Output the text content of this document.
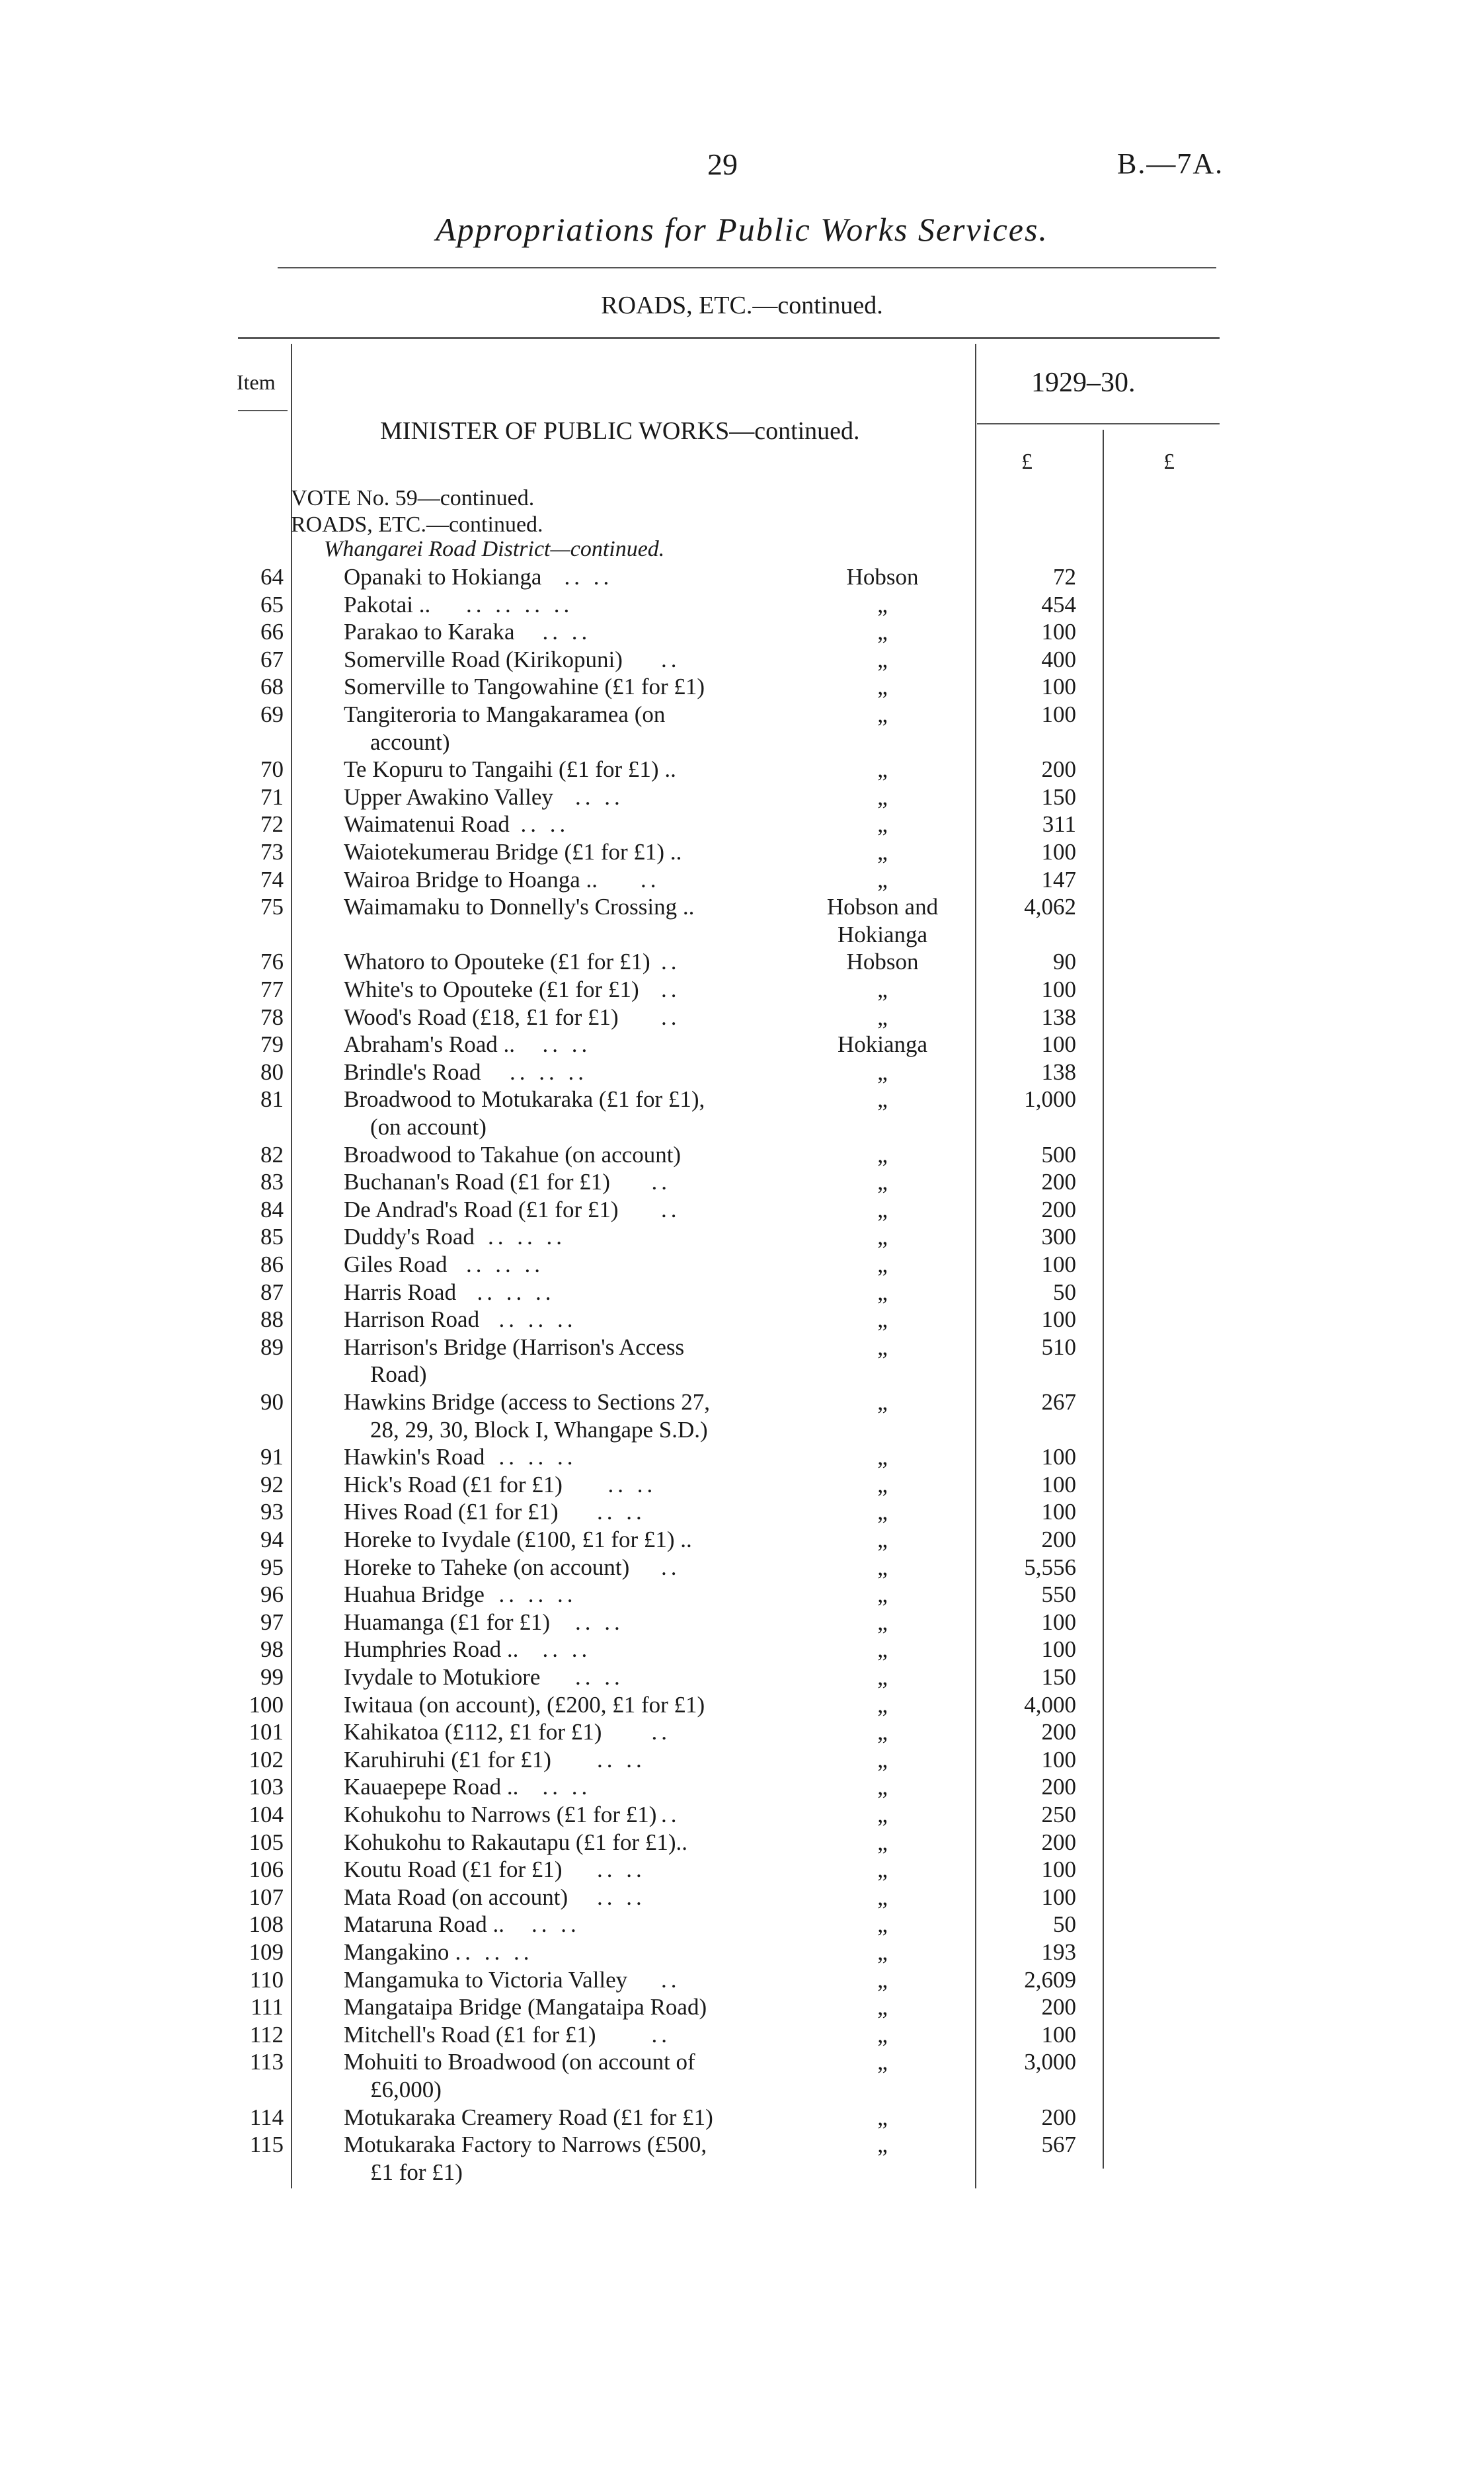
29	B.—7A.
Appropriations for Public Works Services.
ROADS, ETC.—continued.
Item	1929–30.
£	£
MINISTER OF PUBLIC WORKS—continued.
VOTE No. 59—continued.
ROADS, ETC.—continued.
Whangarei Road District—continued.
64	Opanaki to Hokianga .. ..	Hobson	72
65	Pakotai .. .. .. .. ..	„	454
66	Parakao to Karaka .. ..	„	100
67	Somerville Road (Kirikopuni) ..	„	400
68	Somerville to Tangowahine (£1 for £1)	„	100
69	Tangiteroria to Mangakaramea (on	„	100
account)
70	Te Kopuru to Tangaihi (£1 for £1) ..	„	200
71	Upper Awakino Valley .. ..	„	150
72	Waimatenui Road .. ..	„	311
73	Waiotekumerau Bridge (£1 for £1) ..	„	100
74	Wairoa Bridge to Hoanga .. ..	„	147
75	Waimamaku to Donnelly's Crossing ..	Hobson and	4,062
Hokianga
76	Whatoro to Opouteke (£1 for £1) ..	Hobson	90
77	White's to Opouteke (£1 for £1) ..	„	100
78	Wood's Road (£18, £1 for £1) ..	„	138
79	Abraham's Road .. .. ..	Hokianga	100
80	Brindle's Road .. .. ..	„	138
81	Broadwood to Motukaraka (£1 for £1),	„	1,000
(on account)
82	Broadwood to Takahue (on account)	„	500
83	Buchanan's Road (£1 for £1) ..	„	200
84	De Andrad's Road (£1 for £1) ..	„	200
85	Duddy's Road .. .. ..	„	300
86	Giles Road .. .. ..	„	100
87	Harris Road .. .. ..	„	50
88	Harrison Road .. .. ..	„	100
89	Harrison's Bridge (Harrison's Access	„	510
Road)
90	Hawkins Bridge (access to Sections 27,	„	267
28, 29, 30, Block I, Whangape S.D.)
91	Hawkin's Road .. .. ..	„	100
92	Hick's Road (£1 for £1) .. ..	„	100
93	Hives Road (£1 for £1) .. ..	„	100
94	Horeke to Ivydale (£100, £1 for £1) ..	„	200
95	Horeke to Taheke (on account) ..	„	5,556
96	Huahua Bridge .. .. ..	„	550
97	Huamanga (£1 for £1) .. ..	„	100
98	Humphries Road .. .. ..	„	100
99	Ivydale to Motukiore .. ..	„	150
100	Iwitaua (on account), (£200, £1 for £1)	„	4,000
101	Kahikatoa (£112, £1 for £1) ..	„	200
102	Karuhiruhi (£1 for £1) .. ..	„	100
103	Kauaepepe Road .. .. ..	„	200
104	Kohukohu to Narrows (£1 for £1) ..	„	250
105	Kohukohu to Rakautapu (£1 for £1)..	„	200
106	Koutu Road (£1 for £1) .. ..	„	100
107	Mata Road (on account) .. ..	„	100
108	Mataruna Road .. .. ..	„	50
109	Mangakino .. .. ..	„	193
110	Mangamuka to Victoria Valley ..	„	2,609
111	Mangataipa Bridge (Mangataipa Road)	„	200
112	Mitchell's Road (£1 for £1) ..	„	100
113	Mohuiti to Broadwood (on account of	„	3,000
£6,000)
114	Motukaraka Creamery Road (£1 for £1)	„	200
115	Motukaraka Factory to Narrows (£500,	„	567
£1 for £1)
